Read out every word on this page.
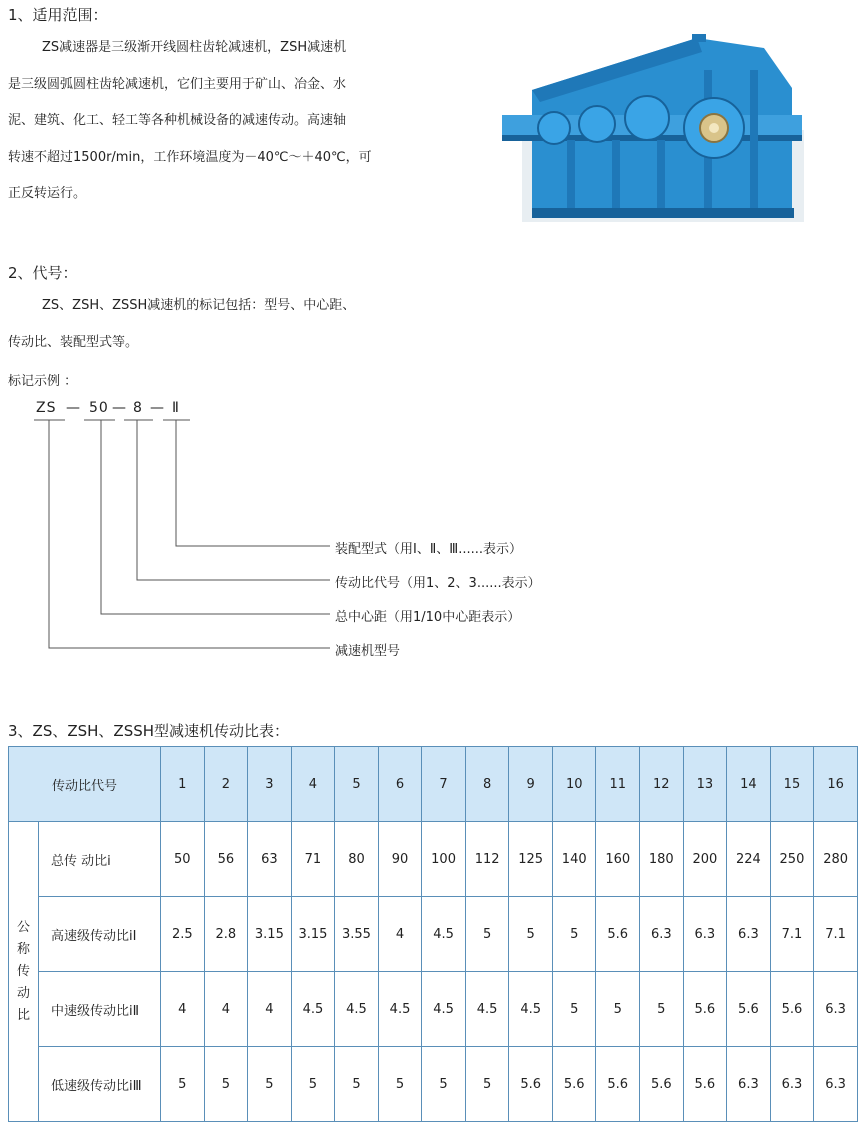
1、适用范围：
ZS减速器是三级渐开线圆柱齿轮减速机，ZSH减速机
是三级圆弧圆柱齿轮减速机，它们主要用于矿山、冶金、水
泥、建筑、化工、轻工等各种机械设备的减速传动。高速轴
转速不超过1500r/min，工作环境温度为－40℃～＋40℃，可
正反转运行。
2、代号：
ZS、ZSH、ZSSH减速机的标记包括：型号、中心距、
传动比、装配型式等。
标记示例 ：
ZS — 50 — 8 — Ⅱ
装配型式（用Ⅰ、Ⅱ、Ⅲ......表示）
传动比代号（用1、2、3......表示）
总中心距（用1/10中心距表示）
减速机型号
3、ZS、ZSH、ZSSH型减速机传动比表：
传动比代号		1	2	3	4	5	6	7	8	9	10	11	12	13	14	15	16
公称传动比	总传 动比i	50	56	63	71	80	90	100	112	125	140	160	180	200	224	250	280
	高速级传动比iⅠ	2.5	2.8	3.15	3.15	3.55	4	4.5	5	5	5	5.6	6.3	6.3	6.3	7.1	7.1
	中速级传动比iⅡ	4	4	4	4.5	4.5	4.5	4.5	4.5	4.5	5	5	5	5.6	5.6	5.6	6.3
	低速级传动比iⅢ	5	5	5	5	5	5	5	5	5.6	5.6	5.6	5.6	5.6	6.3	6.3	6.3
